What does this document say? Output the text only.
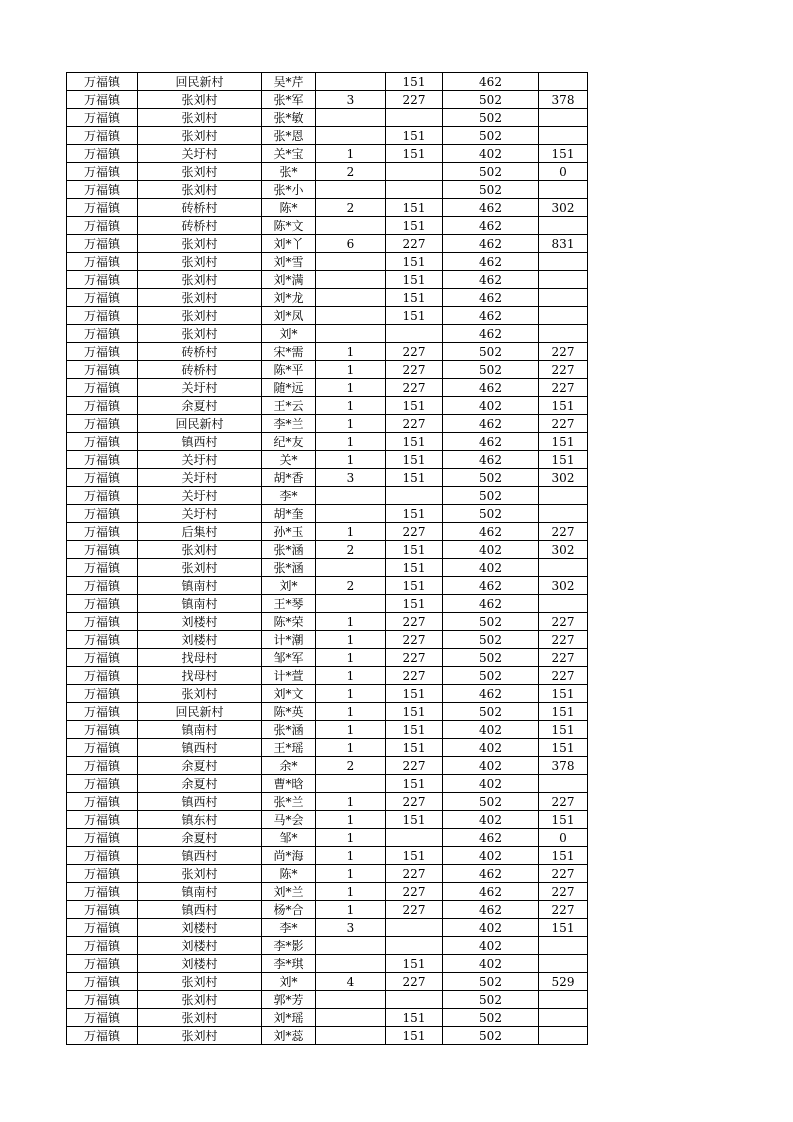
万福镇	回民新村	吴*芹		151	462	
万福镇	张刘村	张*军	3	227	502	378
万福镇	张刘村	张*敏			502	
万福镇	张刘村	张*恩		151	502	
万福镇	关圩村	关*宝	1	151	402	151
万福镇	张刘村	张*	2		502	0
万福镇	张刘村	张*小			502	
万福镇	砖桥村	陈*	2	151	462	302
万福镇	砖桥村	陈*文		151	462	
万福镇	张刘村	刘*丫	6	227	462	831
万福镇	张刘村	刘*雪		151	462	
万福镇	张刘村	刘*满		151	462	
万福镇	张刘村	刘*龙		151	462	
万福镇	张刘村	刘*凤		151	462	
万福镇	张刘村	刘*			462	
万福镇	砖桥村	宋*需	1	227	502	227
万福镇	砖桥村	陈*平	1	227	502	227
万福镇	关圩村	随*远	1	227	462	227
万福镇	余夏村	王*云	1	151	402	151
万福镇	回民新村	李*兰	1	227	462	227
万福镇	镇西村	纪*友	1	151	462	151
万福镇	关圩村	关*	1	151	462	151
万福镇	关圩村	胡*香	3	151	502	302
万福镇	关圩村	李*			502	
万福镇	关圩村	胡*奎		151	502	
万福镇	后集村	孙*玉	1	227	462	227
万福镇	张刘村	张*涵	2	151	402	302
万福镇	张刘村	张*涵		151	402	
万福镇	镇南村	刘*	2	151	462	302
万福镇	镇南村	王*琴		151	462	
万福镇	刘楼村	陈*荣	1	227	502	227
万福镇	刘楼村	计*潮	1	227	502	227
万福镇	找母村	邹*军	1	227	502	227
万福镇	找母村	计*萱	1	227	502	227
万福镇	张刘村	刘*文	1	151	462	151
万福镇	回民新村	陈*英	1	151	502	151
万福镇	镇南村	张*涵	1	151	402	151
万福镇	镇西村	王*瑶	1	151	402	151
万福镇	余夏村	余*	2	227	402	378
万福镇	余夏村	曹*晗		151	402	
万福镇	镇西村	张*兰	1	227	502	227
万福镇	镇东村	马*会	1	151	402	151
万福镇	余夏村	邹*	1		462	0
万福镇	镇西村	尚*海	1	151	402	151
万福镇	张刘村	陈*	1	227	462	227
万福镇	镇南村	刘*兰	1	227	462	227
万福镇	镇西村	杨*合	1	227	462	227
万福镇	刘楼村	李*	3		402	151
万福镇	刘楼村	李*影			402	
万福镇	刘楼村	李*琪		151	402	
万福镇	张刘村	刘*	4	227	502	529
万福镇	张刘村	郭*芳			502	
万福镇	张刘村	刘*瑶		151	502	
万福镇	张刘村	刘*蕊		151	502	
